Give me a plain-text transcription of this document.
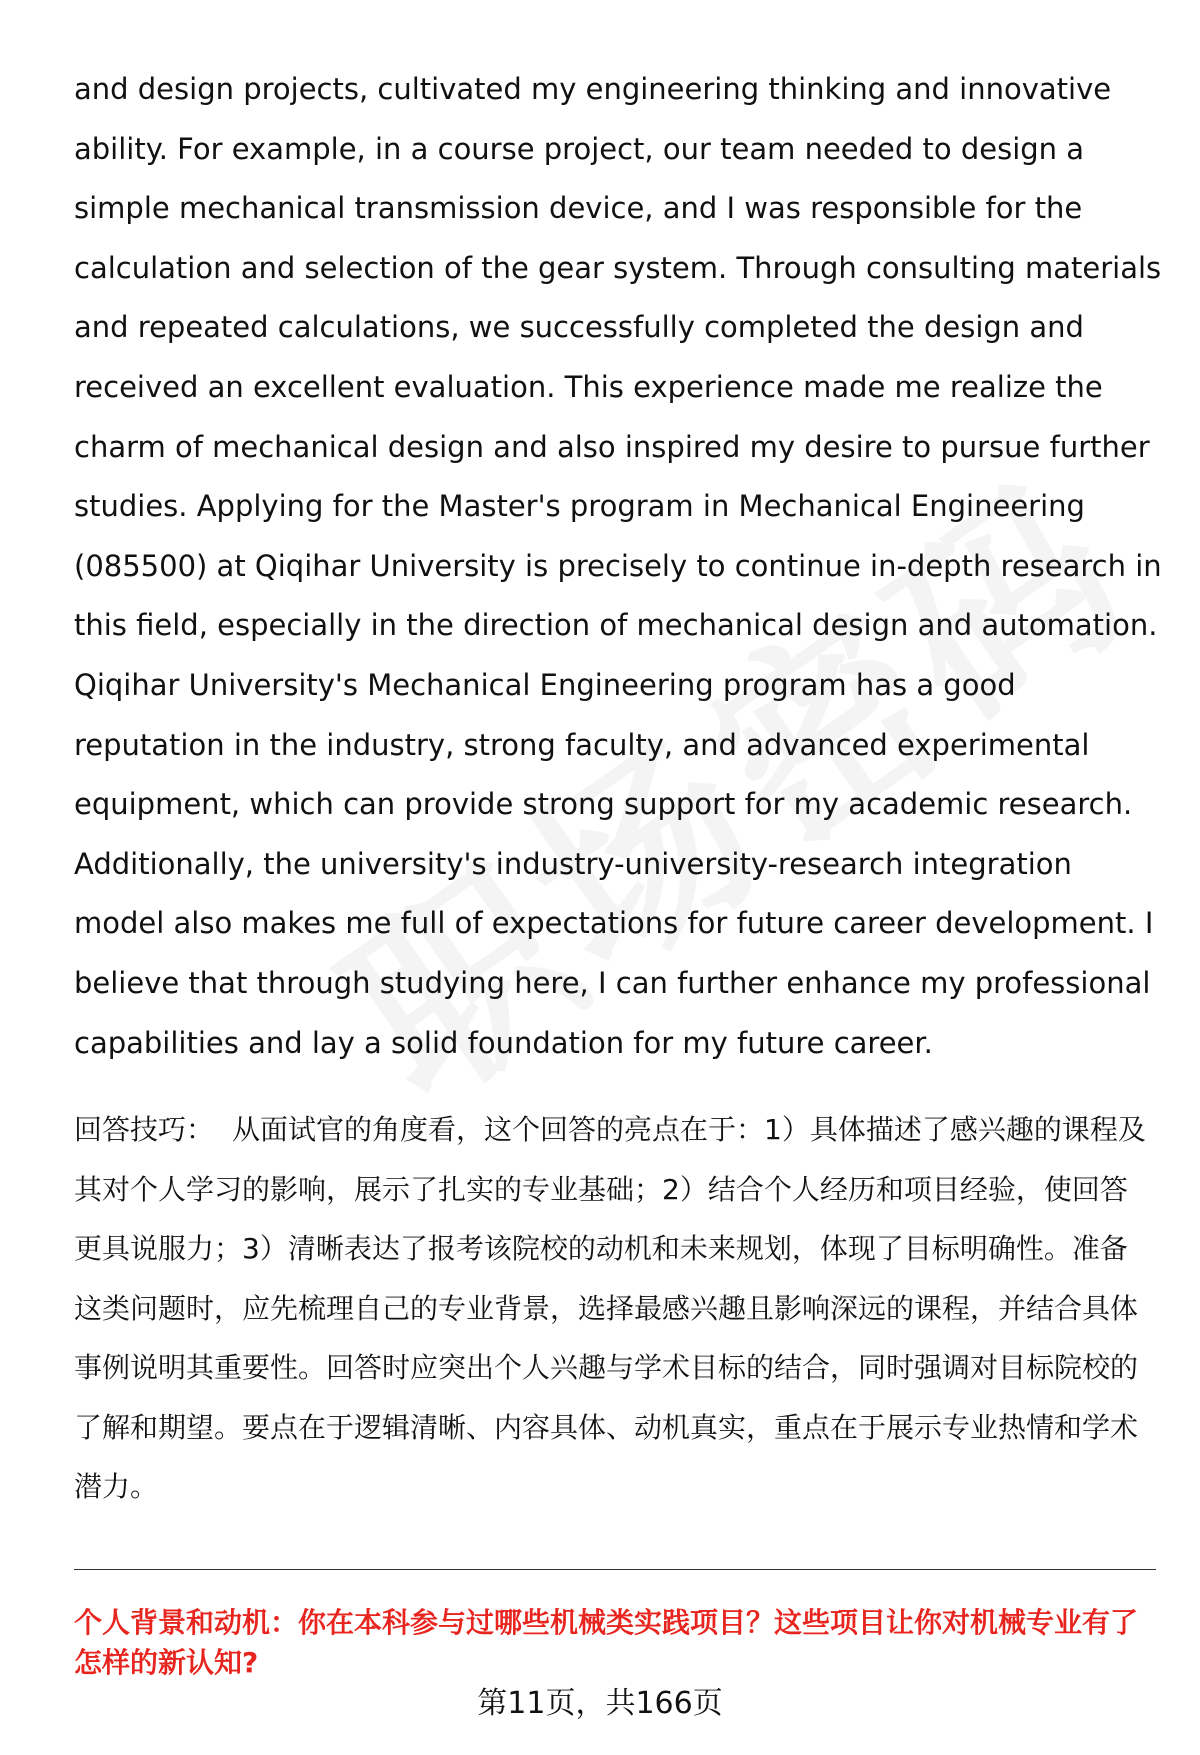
and design projects, cultivated my engineering thinking and innovative ability. For example, in a course project, our team needed to design a simple mechanical transmission device, and I was responsible for the calculation and selection of the gear system. Through consulting materials and repeated calculations, we successfully completed the design and received an excellent evaluation. This experience made me realize the charm of mechanical design and also inspired my desire to pursue further studies. Applying for the Master's program in Mechanical Engineering (085500) at Qiqihar University is precisely to continue in-depth research in this field, especially in the direction of mechanical design and automation. Qiqihar University's Mechanical Engineering program has a good reputation in the industry, strong faculty, and advanced experimental equipment, which can provide strong support for my academic research. Additionally, the university's industry-university-research integration model also makes me full of expectations for future career development. I believe that through studying here, I can further enhance my professional capabilities and lay a solid foundation for my future career.

回答技巧： 从面试官的角度看，这个回答的亮点在于：1）具体描述了感兴趣的课程及其对个人学习的影响，展示了扎实的专业基础；2）结合个人经历和项目经验，使回答更具说服力；3）清晰表达了报考该院校的动机和未来规划，体现了目标明确性。准备这类问题时，应先梳理自己的专业背景，选择最感兴趣且影响深远的课程，并结合具体事例说明其重要性。回答时应突出个人兴趣与学术目标的结合，同时强调对目标院校的了解和期望。要点在于逻辑清晰、内容具体、动机真实，重点在于展示专业热情和学术潜力。

个人背景和动机：你在本科参与过哪些机械类实践项目？这些项目让你对机械专业有了怎样的新认知?

第11页，共166页
